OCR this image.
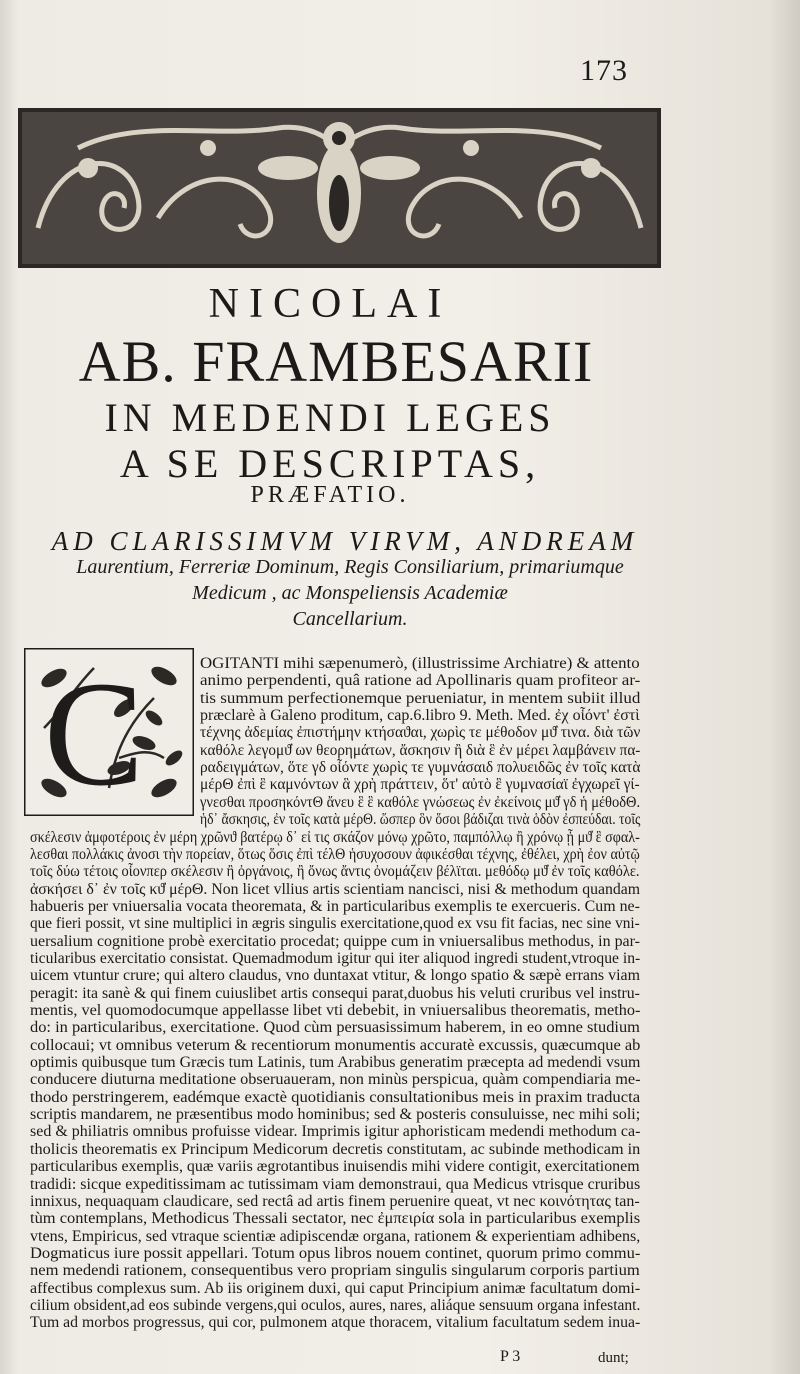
173
NICOLAI
AB. FRAMBESARII
IN MEDENDI LEGES
A SE DESCRIPTAS,
PRÆFATIO.
AD CLARISSIMVM VIRVM, ANDREAM
Laurentium, Ferreriæ Dominum, Regis Consiliarium, primariumque
Medicum , ac Monspeliensis Academiæ
Cancellarium.
C	OGITANTI mihi sæpenumerò, (illustrissime Archiatre) & attento
animo perpendenti, quâ ratione ad Apollinaris quam profiteor ar-
tis summum perfectionemque perueniatur, in mentem subiit illud
præclarè à Galeno proditum, cap.6.libro 9. Meth. Med. ἐχ οἷόντ' ἐστὶ
τέχνης ἀδεμίας ἐπιστήμην κτήσαϑαι, χωρὶς τε μέθοδον μϑ̓ τινα. διὰ τῶν
καθόλε λεγομϑ̓ ων θεορημάτων, ἄσκησιν ἢ διὰ ἓ ἐν μέρει λαμβάνειν πα-
ραδειγμάτων, ὅτε γδ οἷόντε χωρὶς τε γυμνάσαιδ πολυειδῶς ἐν τοῖς κατὰ
μέρΘ ἐπὶ ἓ καμνόντων ἃ χρὴ πράττειν, ὅτ' αὐτὸ ἓ γυμνασίαϊ ἐγχωρεῖ γί-
γνεσθαι προσηκόντΘ ἄνευ ἓ ἓ καθόλε γνώσεως ἐν ἐκείνοις μϑ̓ γδ ἡ μέθοδΘ.
ἡδ᾽ ἄσκησις, ἐν τοῖς κατὰ μέρΘ. ὥσπερ ὃν ὅσοι βάδιζαι τινὰ ὁδὸν ἐσπεύδαι. τοῖς
σκέλεσιν ἀμφοτέροις ἐν μέρη χρῶνϑ βατέρῳ δ᾽ εἰ τις σκάζον μόνῳ χρῶτο, παμπόλλῳ ἢ χρόνῳ ᾖ μϑ̓ ἓ σφαλ-
λεσθαι πολλάκις ἀνοσι τὴν πορείαν, ὅτως ὅσις ἐπὶ τέλΘ ἡσυχοσουν ἀφικέσθαι τέχνης, ἐθέλει, χρὴ ἐον αὐτῷ
τοῖς δύω τέτοις οἷονπερ σκέλεσιν ἢ ὀργάνοις, ἢ ὄνως ἄντις ὀνομάζειν βέλϊται. μεθόδῳ μϑ̓ ἐν τοῖς καθόλε.
ἀσκήσει δ᾽ ἐν τοῖς κϑ̓ μέρΘ. Non licet vllius artis scientiam nancisci, nisi & methodum quandam
habueris per vniuersalia vocata theoremata, & in particularibus exemplis te exercueris. Cum ne-
que fieri possit, vt sine multiplici in ægris singulis exercitatione,quod ex vsu fit facias, nec sine vni-
uersalium cognitione probè exercitatio procedat; quippe cum in vniuersalibus methodus, in par-
ticularibus exercitatio consistat. Quemadmodum igitur qui iter aliquod ingredi student,vtroque in-
uicem vtuntur crure; qui altero claudus, vno duntaxat vtitur, & longo spatio & sæpè errans viam
peragit: ita sanè & qui finem cuiuslibet artis consequi parat,duobus his veluti cruribus vel instru-
mentis, vel quomodocumque appellasse libet vti debebit, in vniuersalibus theorematis, metho-
do: in particularibus, exercitatione. Quod cùm persuasissimum haberem, in eo omne studium
collocaui; vt omnibus veterum & recentiorum monumentis accuratè excussis, quæcumque ab
optimis quibusque tum Græcis tum Latinis, tum Arabibus generatim præcepta ad medendi vsum
conducere diuturna meditatione obseruaueram, non minùs perspicua, quàm compendiaria me-
thodo perstringerem, eadémque exactè quotidianis consultationibus meis in praxim traducta
scriptis mandarem, ne præsentibus modo hominibus; sed & posteris consuluisse, nec mihi soli;
sed & philiatris omnibus profuisse videar. Imprimis igitur aphoristicam medendi methodum ca-
tholicis theorematis ex Principum Medicorum decretis constitutam, ac subinde methodicam in
particularibus exemplis, quæ variis ægrotantibus inuisendis mihi videre contigit, exercitationem
tradidi: sicque expeditissimam ac tutissimam viam demonstraui, qua Medicus vtrisque cruribus
innixus, nequaquam claudicare, sed rectâ ad artis finem peruenire queat, vt nec κοινότητας tan-
tùm contemplans, Methodicus Thessali sectator, nec ἐμπειρία sola in particularibus exemplis
vtens, Empiricus, sed vtraque scientiæ adipiscendæ organa, rationem & experientiam adhibens,
Dogmaticus iure possit appellari. Totum opus libros nouem continet, quorum primo commu-
nem medendi rationem, consequentibus vero propriam singulis singularum corporis partium
affectibus complexus sum. Ab iis originem duxi, qui caput Principium animæ facultatum domi-
cilium obsident,ad eos subinde vergens,qui oculos, aures, nares, aliáque sensuum organa infestant.
Tum ad morbos progressus, qui cor, pulmonem atque thoracem, vitalium facultatum sedem inua-
P 3	dunt;
